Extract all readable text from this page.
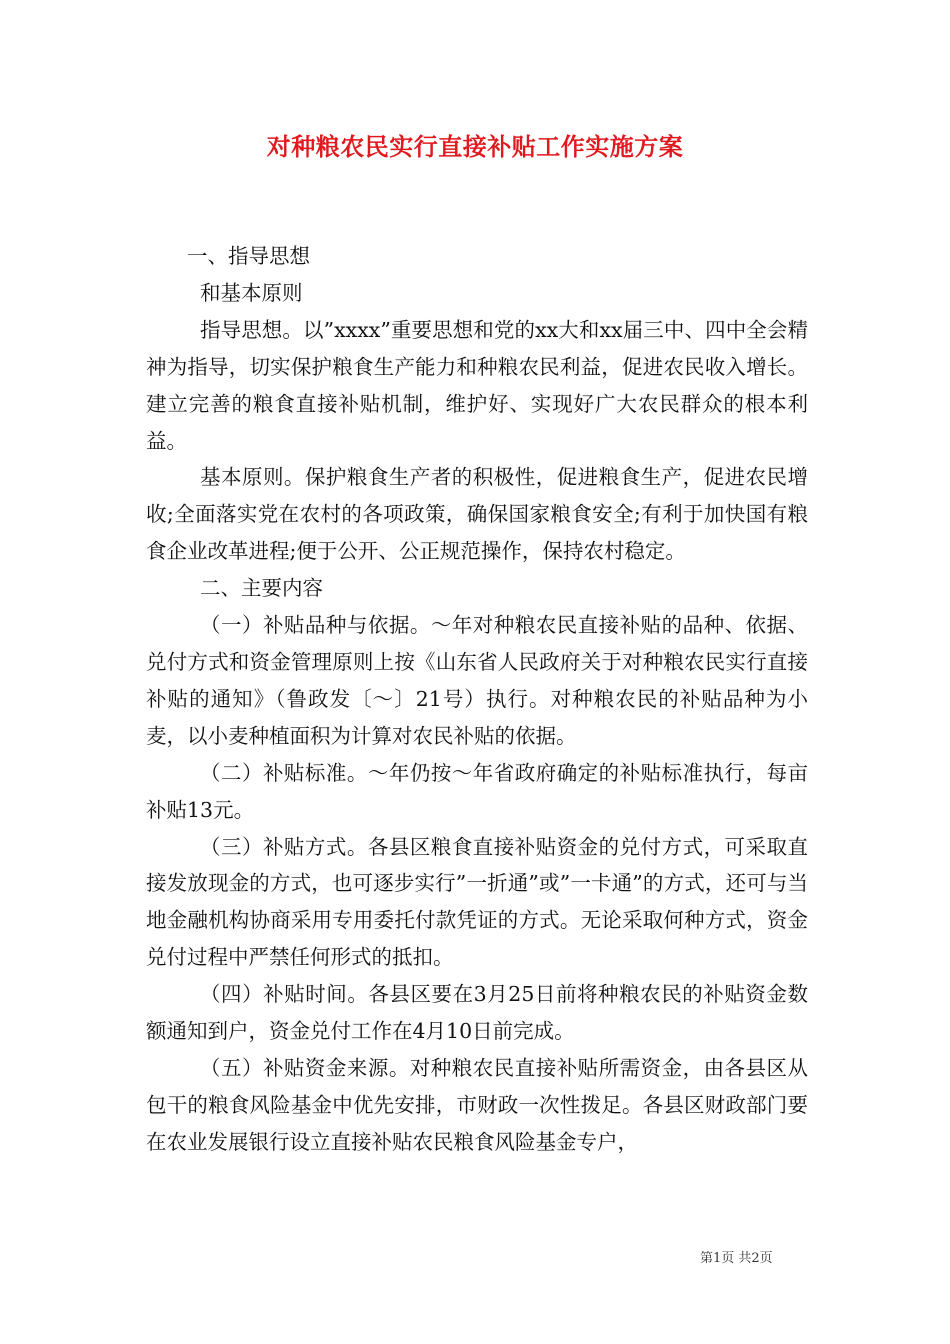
对种粮农民实行直接补贴工作实施方案

一、指导思想

和基本原则

指导思想。以”xxxx”重要思想和党的xx大和xx届三中、四中全会精神为指导，切实保护粮食生产能力和种粮农民利益，促进农民收入增长。建立完善的粮食直接补贴机制，维护好、实现好广大农民群众的根本利益。

基本原则。保护粮食生产者的积极性，促进粮食生产，促进农民增收;全面落实党在农村的各项政策，确保国家粮食安全;有利于加快国有粮食企业改革进程;便于公开、公正规范操作，保持农村稳定。

二、主要内容

（一）补贴品种与依据。～年对种粮农民直接补贴的品种、依据、兑付方式和资金管理原则上按《山东省人民政府关于对种粮农民实行直接补贴的通知》（鲁政发〔～〕21号）执行。对种粮农民的补贴品种为小麦，以小麦种植面积为计算对农民补贴的依据。

（二）补贴标准。～年仍按～年省政府确定的补贴标准执行，每亩补贴13元。

（三）补贴方式。各县区粮食直接补贴资金的兑付方式，可采取直接发放现金的方式，也可逐步实行”一折通”或”一卡通”的方式，还可与当地金融机构协商采用专用委托付款凭证的方式。无论采取何种方式，资金兑付过程中严禁任何形式的抵扣。

（四）补贴时间。各县区要在3月25日前将种粮农民的补贴资金数额通知到户，资金兑付工作在4月10日前完成。

（五）补贴资金来源。对种粮农民直接补贴所需资金，由各县区从包干的粮食风险基金中优先安排，市财政一次性拨足。各县区财政部门要在农业发展银行设立直接补贴农民粮食风险基金专户，

第1页 共2页
